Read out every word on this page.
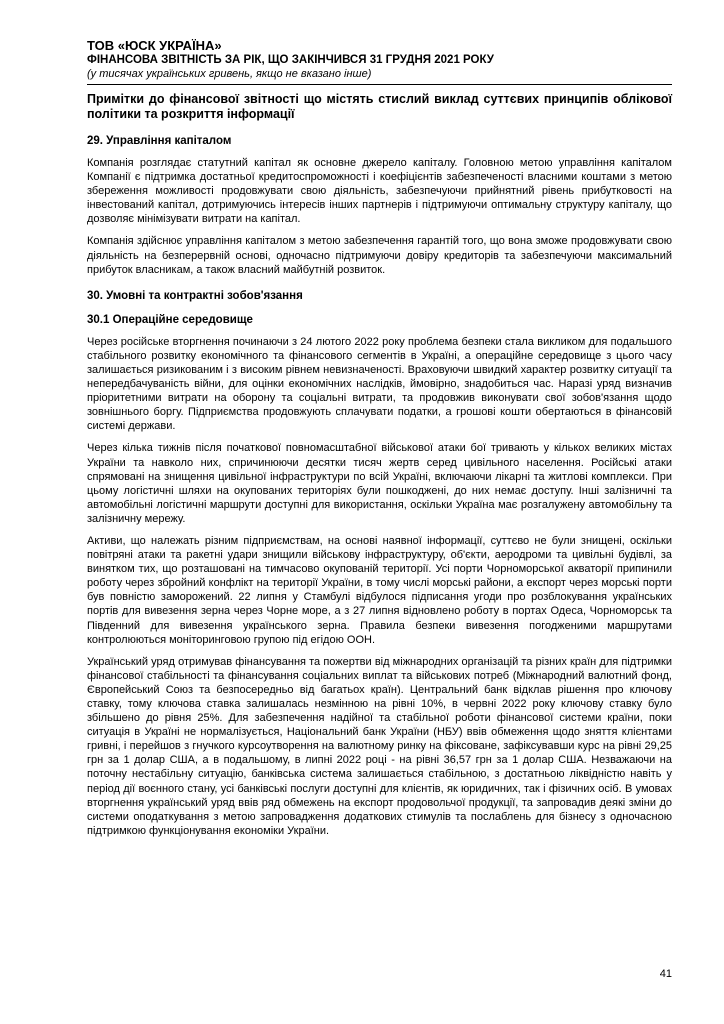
ТОВ «ЮСК УКРАЇНА»
ФІНАНСОВА ЗВІТНІСТЬ ЗА РІК, ЩО ЗАКІНЧИВСЯ 31 ГРУДНЯ 2021 РОКУ
(у тисячах українських гривень, якщо не вказано інше)
Примітки до фінансової звітності що містять стислий виклад суттєвих принципів облікової політики та розкриття інформації
29. Управління капіталом

Компанія розглядає статутний капітал як основне джерело капіталу. Головною метою управління капіталом Компанії є підтримка достатньої кредитоспроможності і коефіцієнтів забезпеченості власними коштами з метою збереження можливості продовжувати свою діяльність, забезпечуючи прийнятний рівень прибутковості на інвестований капітал, дотримуючись інтересів інших партнерів і підтримуючи оптимальну структуру капіталу, що дозволяє мінімізувати витрати на капітал.

Компанія здійснює управління капіталом з метою забезпечення гарантій того, що вона зможе продовжувати свою діяльність на безперервній основі, одночасно підтримуючи довіру кредиторів та забезпечуючи максимальний прибуток власникам, а також власний майбутній розвиток.

30. Умовні та контрактні зобов'язання
30.1 Операційне середовище

Через російське вторгнення починаючи з 24 лютого 2022 року проблема безпеки стала викликом для подальшого стабільного розвитку економічного та фінансового сегментів в Україні, а операційне середовище з цього часу залишається ризикованим і з високим рівнем невизначеності. Враховуючи швидкий характер розвитку ситуації та непередбачуваність війни, для оцінки економічних наслідків, ймовірно, знадобиться час. Наразі уряд визначив пріоритетними витрати на оборону та соціальні витрати, та продовжив виконувати свої зобов'язання щодо зовнішнього боргу. Підприємства продовжують сплачувати податки, а грошові кошти обертаються в фінансовій системі держави.

Через кілька тижнів після початкової повномасштабної військової атаки бої тривають у кількох великих містах України та навколо них, спричинюючи десятки тисяч жертв серед цивільного населення. Російські атаки спрямовані на знищення цивільної інфраструктури по всій Україні, включаючи лікарні та житлові комплекси. При цьому логістичні шляхи на окупованих територіях були пошкоджені, до них немає доступу. Інші залізничні та автомобільні логістичні маршрути доступні для використання, оскільки Україна має розгалужену автомобільну та залізничну мережу.

Активи, що належать різним підприємствам, на основі наявної інформації, суттєво не були знищені, оскільки повітряні атаки та ракетні удари знищили військову інфраструктуру, об'єкти, аеродроми та цивільні будівлі, за винятком тих, що розташовані на тимчасово окупованій території. Усі порти Чорноморської акваторії припинили роботу через збройний конфлікт на території України, в тому числі морські райони, а експорт через морські порти був повністю заморожений. 22 липня у Стамбулі відбулося підписання угоди про розблокування українських портів для вивезення зерна через Чорне море, а з 27 липня відновлено роботу в портах Одеса, Чорноморськ та Південний для вивезення українського зерна. Правила безпеки вивезення погодженими маршрутами контролюються моніторинговою групою під егідою ООН.

Український уряд отримував фінансування та пожертви від міжнародних організацій та різних країн для підтримки фінансової стабільності та фінансування соціальних виплат та військових потреб (Міжнародний валютний фонд, Європейський Союз та безпосередньо від багатьох країн). Центральний банк відклав рішення про ключову ставку, тому ключова ставка залишалась незмінною на рівні 10%, в червні 2022 року ключову ставку було збільшено до рівня 25%. Для забезпечення надійної та стабільної роботи фінансової системи країни, поки ситуація в Україні не нормалізується, Національний банк України (НБУ) ввів обмеження щодо зняття клієнтами гривні, і перейшов з гнучкого курсоутворення на валютному ринку на фіксоване, зафіксувавши курс на рівні 29,25 грн за 1 долар США, а в подальшому, в липні 2022 році - на рівні 36,57 грн за 1 долар США. Незважаючи на поточну нестабільну ситуацію, банківська система залишається стабільною, з достатньою ліквідністю навіть у період дії воєнного стану, усі банківські послуги доступні для клієнтів, як юридичних, так і фізичних осіб. В умовах вторгнення український уряд ввів ряд обмежень на експорт продовольчої продукції, та запровадив деякі зміни до системи оподаткування з метою запровадження додаткових стимулів та послаблень для бізнесу з одночасною підтримкою функціонування економіки України.

41
